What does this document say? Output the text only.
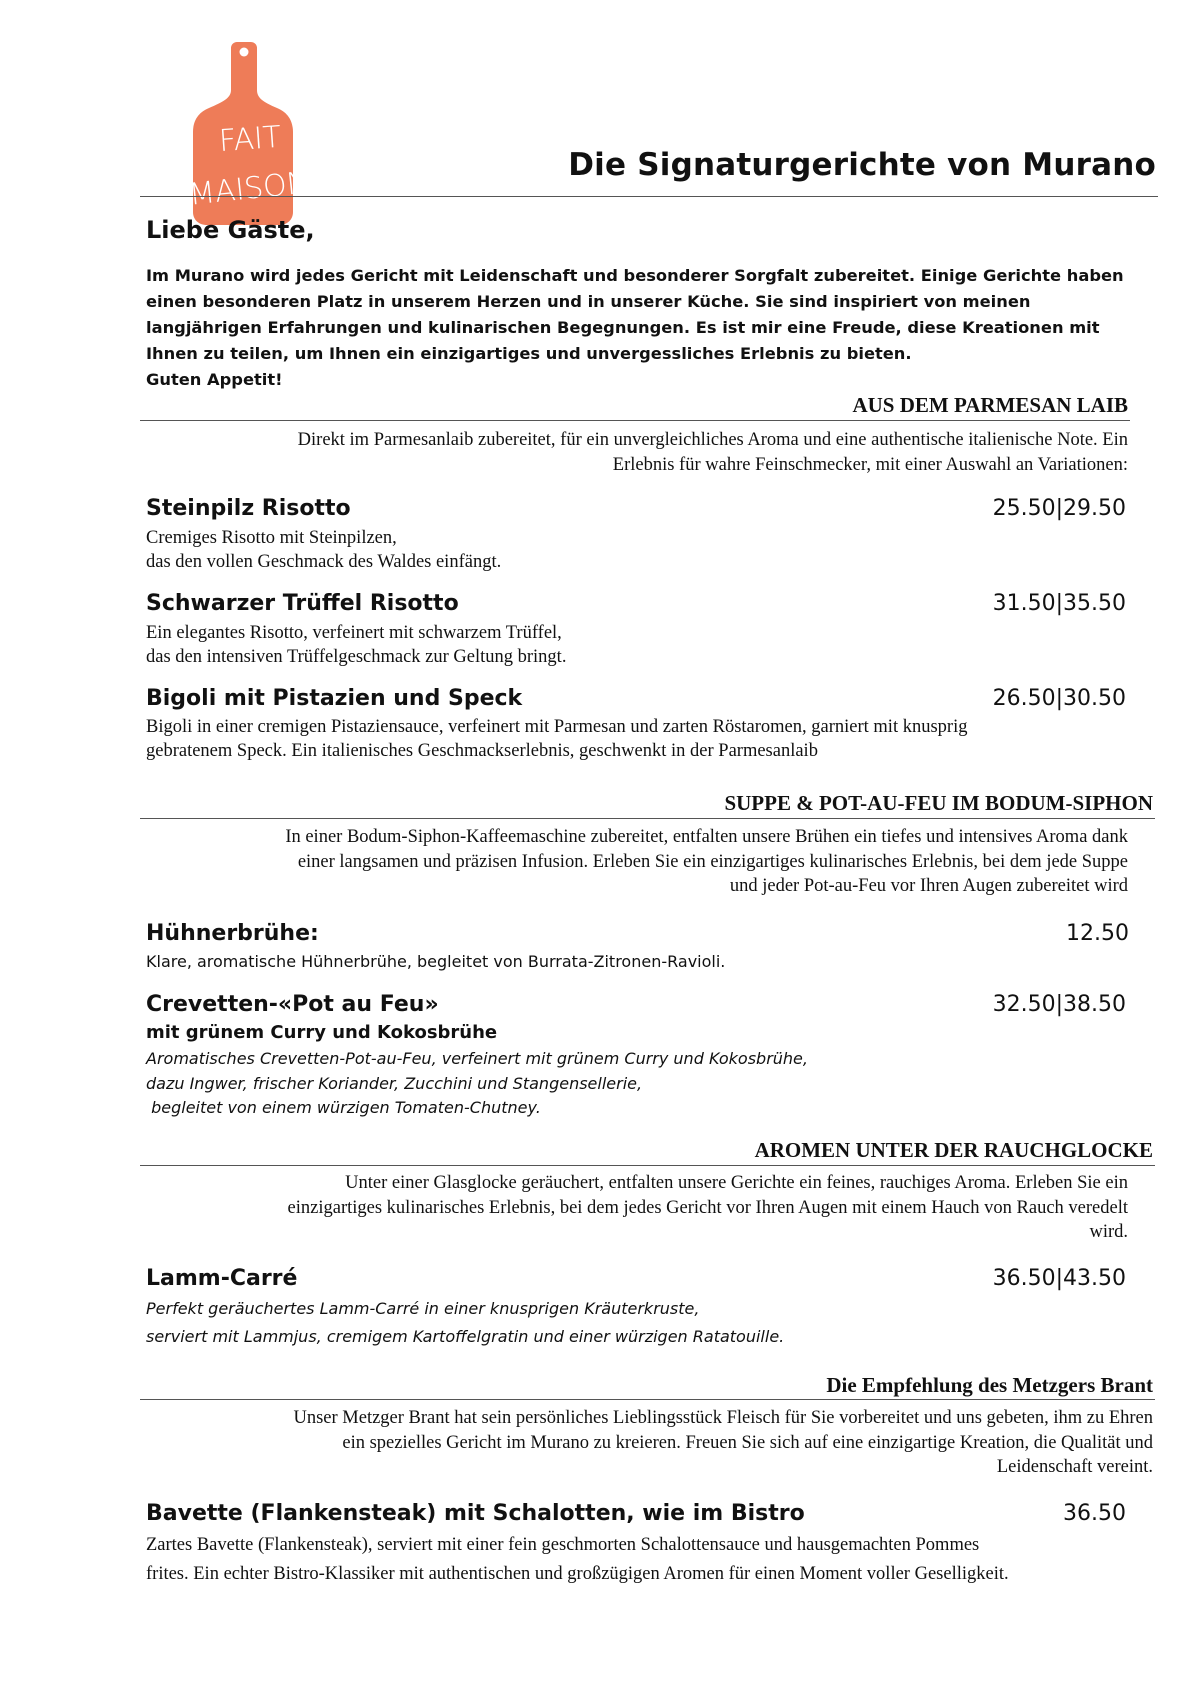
FAIT
MAISON
Die Signaturgerichte von Murano
Liebe Gäste,
Im Murano wird jedes Gericht mit Leidenschaft und besonderer Sorgfalt zubereitet. Einige Gerichte haben
einen besonderen Platz in unserem Herzen und in unserer Küche. Sie sind inspiriert von meinen
langjährigen Erfahrungen und kulinarischen Begegnungen. Es ist mir eine Freude, diese Kreationen mit
Ihnen zu teilen, um Ihnen ein einzigartiges und unvergessliches Erlebnis zu bieten.
Guten Appetit!
AUS DEM PARMESAN LAIB
Direkt im Parmesanlaib zubereitet, für ein unvergleichliches Aroma und eine authentische italienische Note. Ein
Erlebnis für wahre Feinschmecker, mit einer Auswahl an Variationen:
Steinpilz Risotto	25.50|29.50
Cremiges Risotto mit Steinpilzen,
das den vollen Geschmack des Waldes einfängt.
Schwarzer Trüffel Risotto	31.50|35.50
Ein elegantes Risotto, verfeinert mit schwarzem Trüffel,
das den intensiven Trüffelgeschmack zur Geltung bringt.
Bigoli mit Pistazien und Speck	26.50|30.50
Bigoli in einer cremigen Pistaziensauce, verfeinert mit Parmesan und zarten Röstaromen, garniert mit knusprig
gebratenem Speck. Ein italienisches Geschmackserlebnis, geschwenkt in der Parmesanlaib
SUPPE & POT-AU-FEU IM BODUM-SIPHON
In einer Bodum-Siphon-Kaffeemaschine zubereitet, entfalten unsere Brühen ein tiefes und intensives Aroma dank
einer langsamen und präzisen Infusion. Erleben Sie ein einzigartiges kulinarisches Erlebnis, bei dem jede Suppe
und jeder Pot-au-Feu vor Ihren Augen zubereitet wird
Hühnerbrühe:	12.50
Klare, aromatische Hühnerbrühe, begleitet von Burrata-Zitronen-Ravioli.
Crevetten-«Pot au Feu»	32.50|38.50
mit grünem Curry und Kokosbrühe
Aromatisches Crevetten-Pot-au-Feu, verfeinert mit grünem Curry und Kokosbrühe,
dazu Ingwer, frischer Koriander, Zucchini und Stangensellerie,
begleitet von einem würzigen Tomaten-Chutney.
AROMEN UNTER DER RAUCHGLOCKE
Unter einer Glasglocke geräuchert, entfalten unsere Gerichte ein feines, rauchiges Aroma. Erleben Sie ein
einzigartiges kulinarisches Erlebnis, bei dem jedes Gericht vor Ihren Augen mit einem Hauch von Rauch veredelt
wird.
Lamm-Carré	36.50|43.50
Perfekt geräuchertes Lamm-Carré in einer knusprigen Kräuterkruste,
serviert mit Lammjus, cremigem Kartoffelgratin und einer würzigen Ratatouille.
Die Empfehlung des Metzgers Brant
Unser Metzger Brant hat sein persönliches Lieblingsstück Fleisch für Sie vorbereitet und uns gebeten, ihm zu Ehren
ein spezielles Gericht im Murano zu kreieren. Freuen Sie sich auf eine einzigartige Kreation, die Qualität und
Leidenschaft vereint.
Bavette (Flankensteak) mit Schalotten, wie im Bistro	36.50
Zartes Bavette (Flankensteak), serviert mit einer fein geschmorten Schalottensauce und hausgemachten Pommes
frites. Ein echter Bistro-Klassiker mit authentischen und großzügigen Aromen für einen Moment voller Geselligkeit.
